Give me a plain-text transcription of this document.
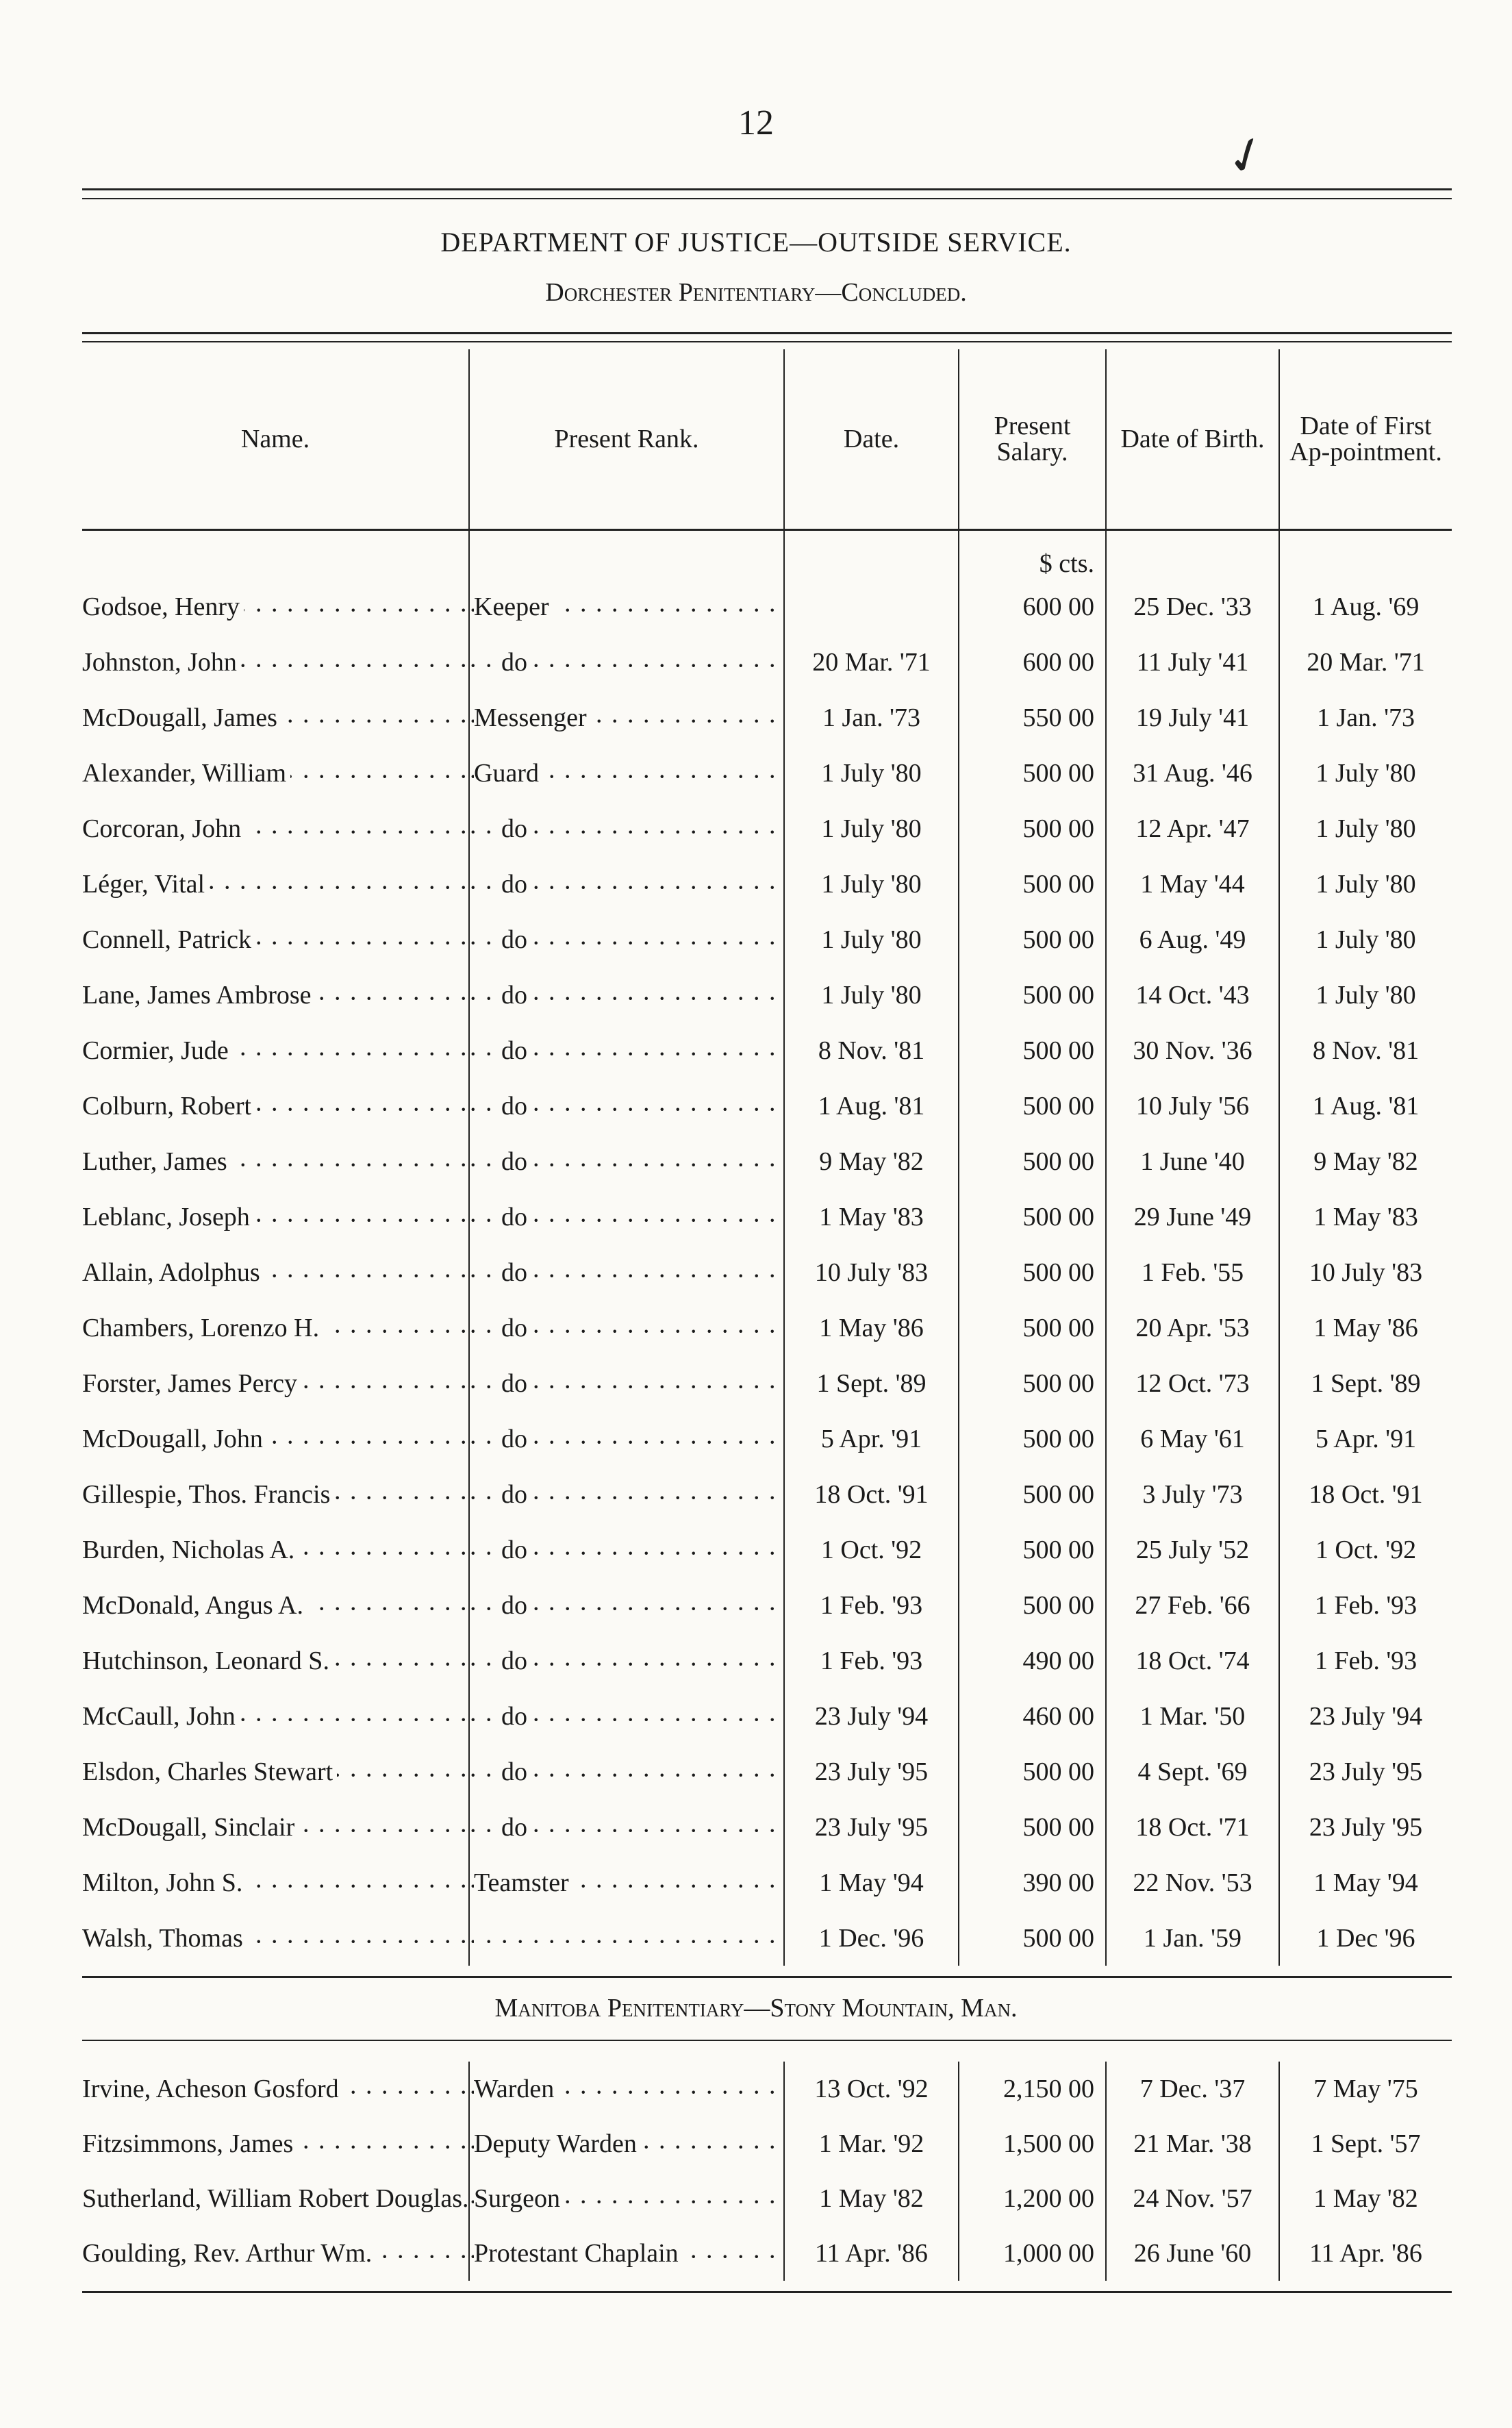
12
✓
DEPARTMENT OF JUSTICE—OUTSIDE SERVICE.
Dorchester Penitentiary—Concluded.
Name.	Present Rank.	Date.	Present Salary.	Date of Birth.	Date of First Ap-pointment.
			$ cts.		
Godsoe, Henry . . .	Keeper . . .		600 00	25 Dec. '33	1 Aug. '69
Johnston, John . . .	do . . .	20 Mar. '71	600 00	11 July '41	20 Mar. '71
McDougall, James . . .	Messenger . . .	1 Jan. '73	550 00	19 July '41	1 Jan. '73
Alexander, William . . .	Guard . . .	1 July '80	500 00	31 Aug. '46	1 July '80
Corcoran, John . . .	do . . .	1 July '80	500 00	12 Apr. '47	1 July '80
Léger, Vital . . .	do . . .	1 July '80	500 00	1 May '44	1 July '80
Connell, Patrick . . .	do . . .	1 July '80	500 00	6 Aug. '49	1 July '80
Lane, James Ambrose . . .	do . . .	1 July '80	500 00	14 Oct. '43	1 July '80
Cormier, Jude . . .	do . . .	8 Nov. '81	500 00	30 Nov. '36	8 Nov. '81
Colburn, Robert . . .	do . . .	1 Aug. '81	500 00	10 July '56	1 Aug. '81
Luther, James . . .	do . . .	9 May '82	500 00	1 June '40	9 May '82
Leblanc, Joseph . . .	do . . .	1 May '83	500 00	29 June '49	1 May '83
Allain, Adolphus . . .	do . . .	10 July '83	500 00	1 Feb. '55	10 July '83
Chambers, Lorenzo H. . . .	do . . .	1 May '86	500 00	20 Apr. '53	1 May '86
Forster, James Percy . . .	do . . .	1 Sept. '89	500 00	12 Oct. '73	1 Sept. '89
McDougall, John . . .	do . . .	5 Apr. '91	500 00	6 May '61	5 Apr. '91
Gillespie, Thos. Francis . . .	do . . .	18 Oct. '91	500 00	3 July '73	18 Oct. '91
Burden, Nicholas A. . . .	do . . .	1 Oct. '92	500 00	25 July '52	1 Oct. '92
McDonald, Angus A. . . .	do . . .	1 Feb. '93	500 00	27 Feb. '66	1 Feb. '93
Hutchinson, Leonard S. . . .	do . . .	1 Feb. '93	490 00	18 Oct. '74	1 Feb. '93
McCaull, John . . .	do . . .	23 July '94	460 00	1 Mar. '50	23 July '94
Elsdon, Charles Stewart . . .	do . . .	23 July '95	500 00	4 Sept. '69	23 July '95
McDougall, Sinclair . . .	do . . .	23 July '95	500 00	18 Oct. '71	23 July '95
Milton, John S. . . .	Teamster . . .	1 May '94	390 00	22 Nov. '53	1 May '94
Walsh, Thomas . . .	. . .	1 Dec. '96	500 00	1 Jan. '59	1 Dec '96
Manitoba Penitentiary—Stony Mountain, Man.
Irvine, Acheson Gosford . . .	Warden . . .	13 Oct. '92	2,150 00	7 Dec. '37	7 May '75
Fitzsimmons, James . . .	Deputy Warden . . .	1 Mar. '92	1,500 00	21 Mar. '38	1 Sept. '57
Sutherland, William Robert Douglas. . . .	Surgeon . . .	1 May '82	1,200 00	24 Nov. '57	1 May '82
Goulding, Rev. Arthur Wm. . . .	Protestant Chaplain . . .	11 Apr. '86	1,000 00	26 June '60	11 Apr. '86
